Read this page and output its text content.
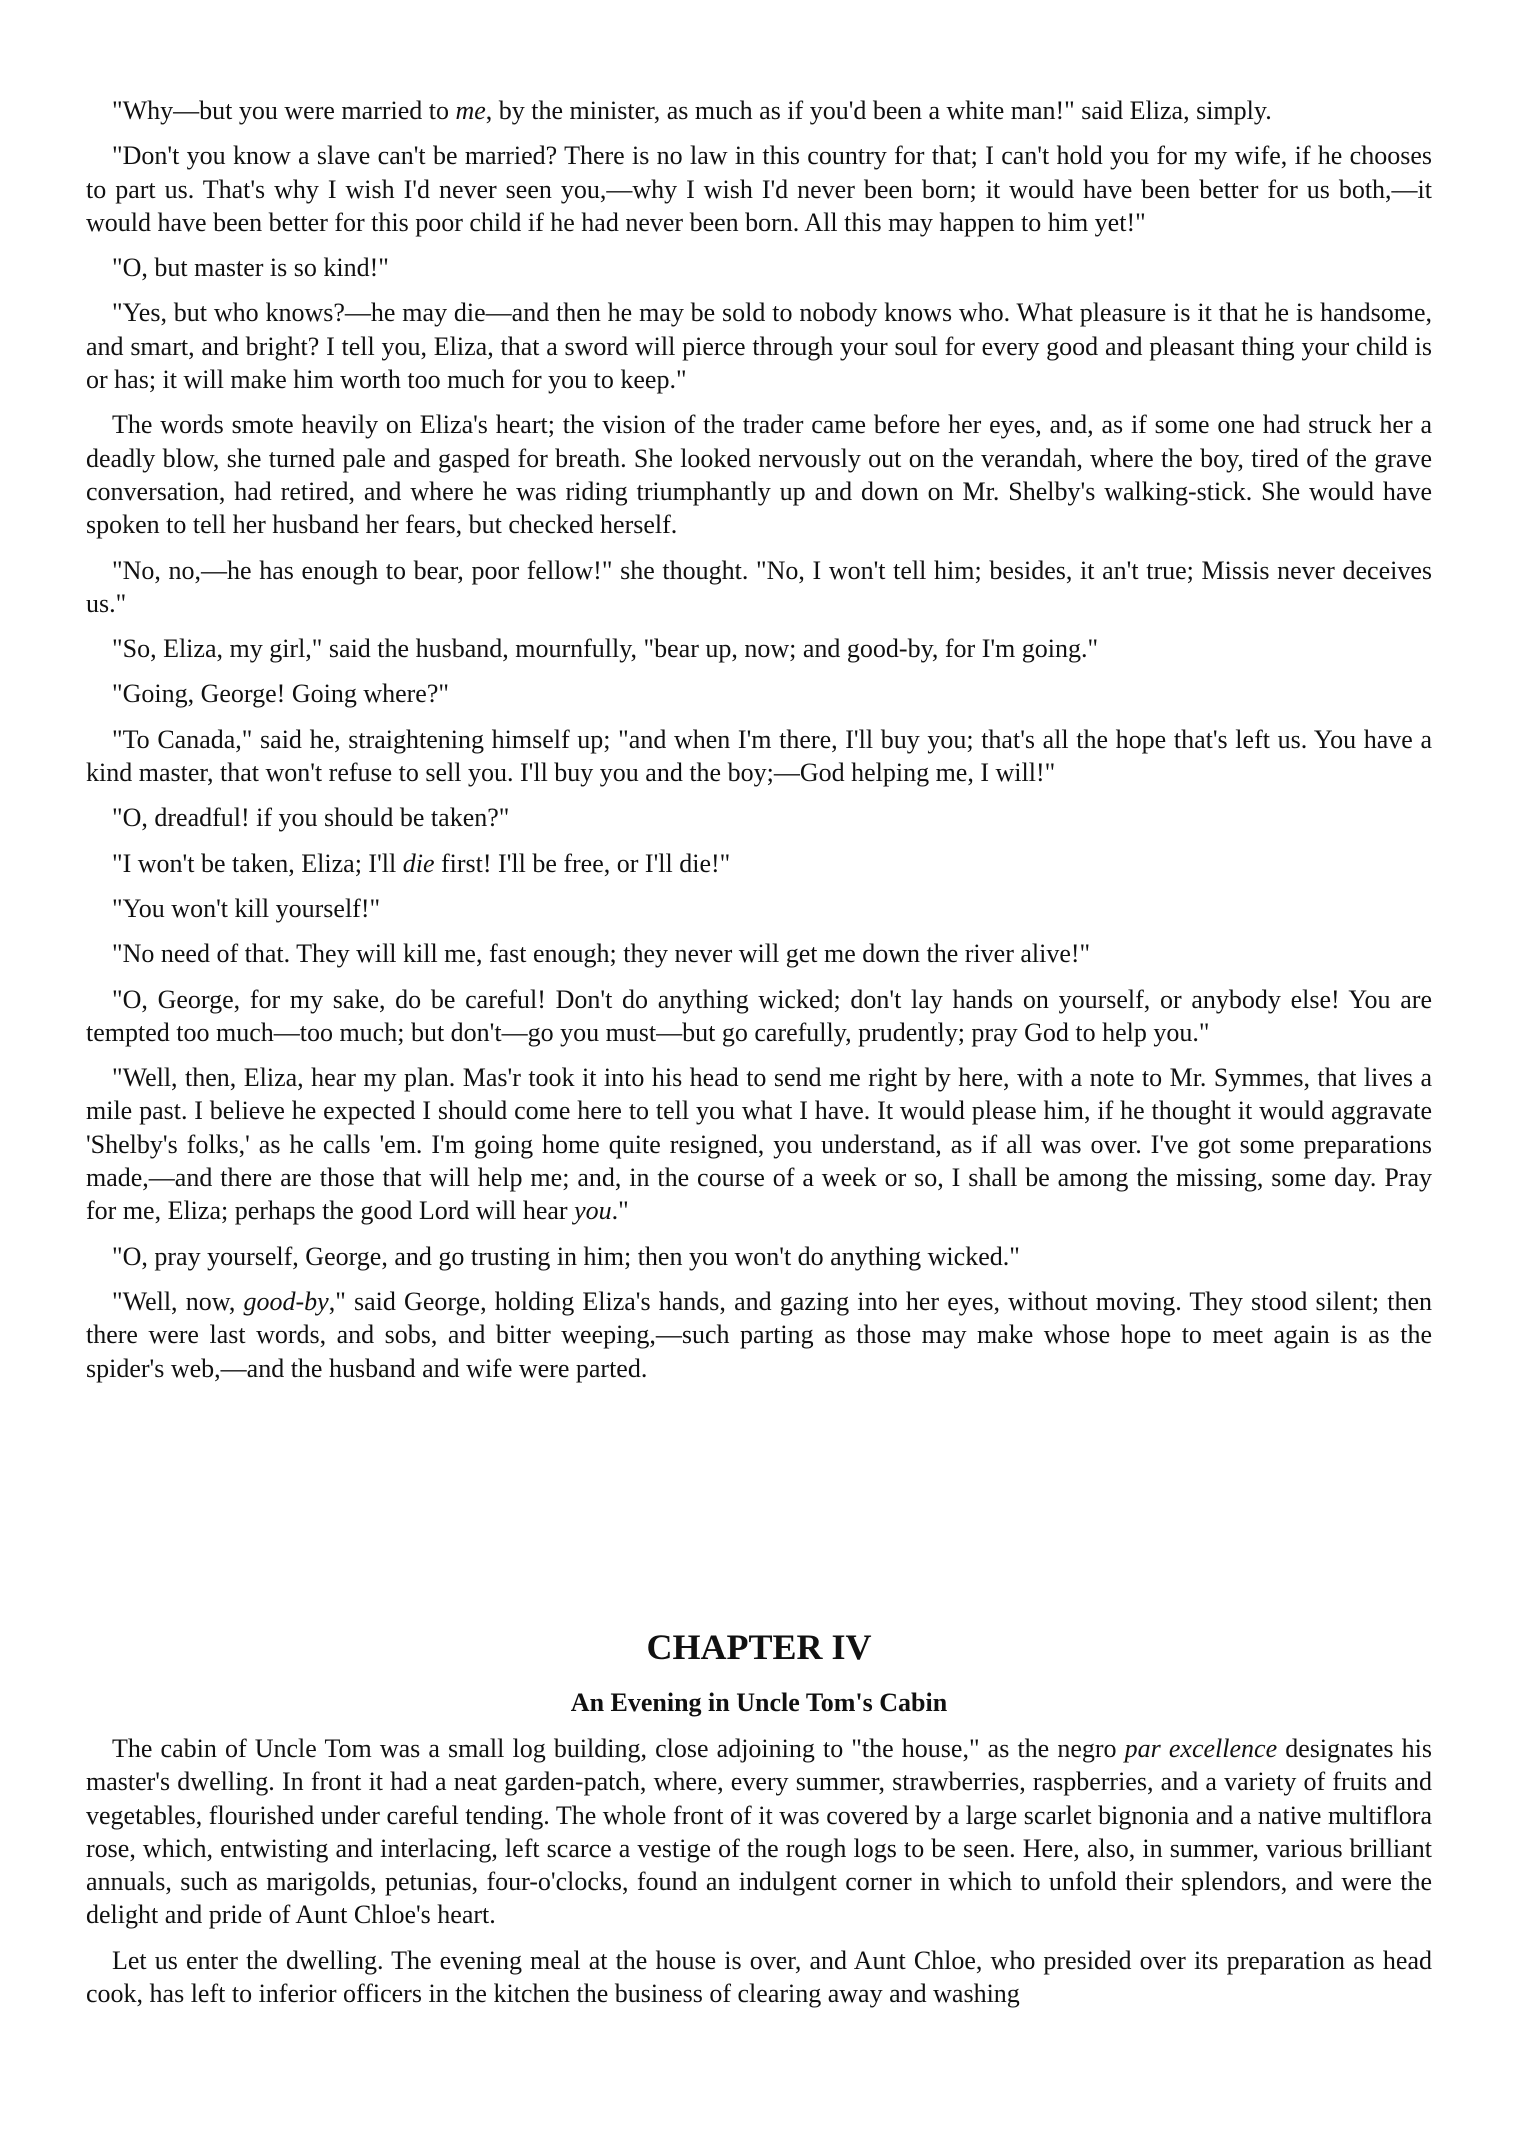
"Why—but you were married to me, by the minister, as much as if you'd been a white man!" said Eliza, simply.

"Don't you know a slave can't be married? There is no law in this country for that; I can't hold you for my wife, if he chooses to part us. That's why I wish I'd never seen you,—why I wish I'd never been born; it would have been better for us both,—it would have been better for this poor child if he had never been born. All this may happen to him yet!"

"O, but master is so kind!"

"Yes, but who knows?—he may die—and then he may be sold to nobody knows who. What pleasure is it that he is handsome, and smart, and bright? I tell you, Eliza, that a sword will pierce through your soul for every good and pleasant thing your child is or has; it will make him worth too much for you to keep."

The words smote heavily on Eliza's heart; the vision of the trader came before her eyes, and, as if some one had struck her a deadly blow, she turned pale and gasped for breath. She looked nervously out on the verandah, where the boy, tired of the grave conversation, had retired, and where he was riding triumphantly up and down on Mr. Shelby's walking-stick. She would have spoken to tell her husband her fears, but checked herself.

"No, no,—he has enough to bear, poor fellow!" she thought. "No, I won't tell him; besides, it an't true; Missis never deceives us."

"So, Eliza, my girl," said the husband, mournfully, "bear up, now; and good-by, for I'm going."

"Going, George! Going where?"

"To Canada," said he, straightening himself up; "and when I'm there, I'll buy you; that's all the hope that's left us. You have a kind master, that won't refuse to sell you. I'll buy you and the boy;—God helping me, I will!"

"O, dreadful! if you should be taken?"

"I won't be taken, Eliza; I'll die first! I'll be free, or I'll die!"

"You won't kill yourself!"

"No need of that. They will kill me, fast enough; they never will get me down the river alive!"

"O, George, for my sake, do be careful! Don't do anything wicked; don't lay hands on yourself, or anybody else! You are tempted too much—too much; but don't—go you must—but go carefully, prudently; pray God to help you."

"Well, then, Eliza, hear my plan. Mas'r took it into his head to send me right by here, with a note to Mr. Symmes, that lives a mile past. I believe he expected I should come here to tell you what I have. It would please him, if he thought it would aggravate 'Shelby's folks,' as he calls 'em. I'm going home quite resigned, you understand, as if all was over. I've got some preparations made,—and there are those that will help me; and, in the course of a week or so, I shall be among the missing, some day. Pray for me, Eliza; perhaps the good Lord will hear you."

"O, pray yourself, George, and go trusting in him; then you won't do anything wicked."

"Well, now, good-by," said George, holding Eliza's hands, and gazing into her eyes, without moving. They stood silent; then there were last words, and sobs, and bitter weeping,—such parting as those may make whose hope to meet again is as the spider's web,—and the husband and wife were parted.

CHAPTER IV
An Evening in Uncle Tom's Cabin

The cabin of Uncle Tom was a small log building, close adjoining to "the house," as the negro par excellence designates his master's dwelling. In front it had a neat garden-patch, where, every summer, strawberries, raspberries, and a variety of fruits and vegetables, flourished under careful tending. The whole front of it was covered by a large scarlet bignonia and a native multiflora rose, which, entwisting and interlacing, left scarce a vestige of the rough logs to be seen. Here, also, in summer, various brilliant annuals, such as marigolds, petunias, four-o'clocks, found an indulgent corner in which to unfold their splendors, and were the delight and pride of Aunt Chloe's heart.

Let us enter the dwelling. The evening meal at the house is over, and Aunt Chloe, who presided over its preparation as head cook, has left to inferior officers in the kitchen the business of clearing away and washing
